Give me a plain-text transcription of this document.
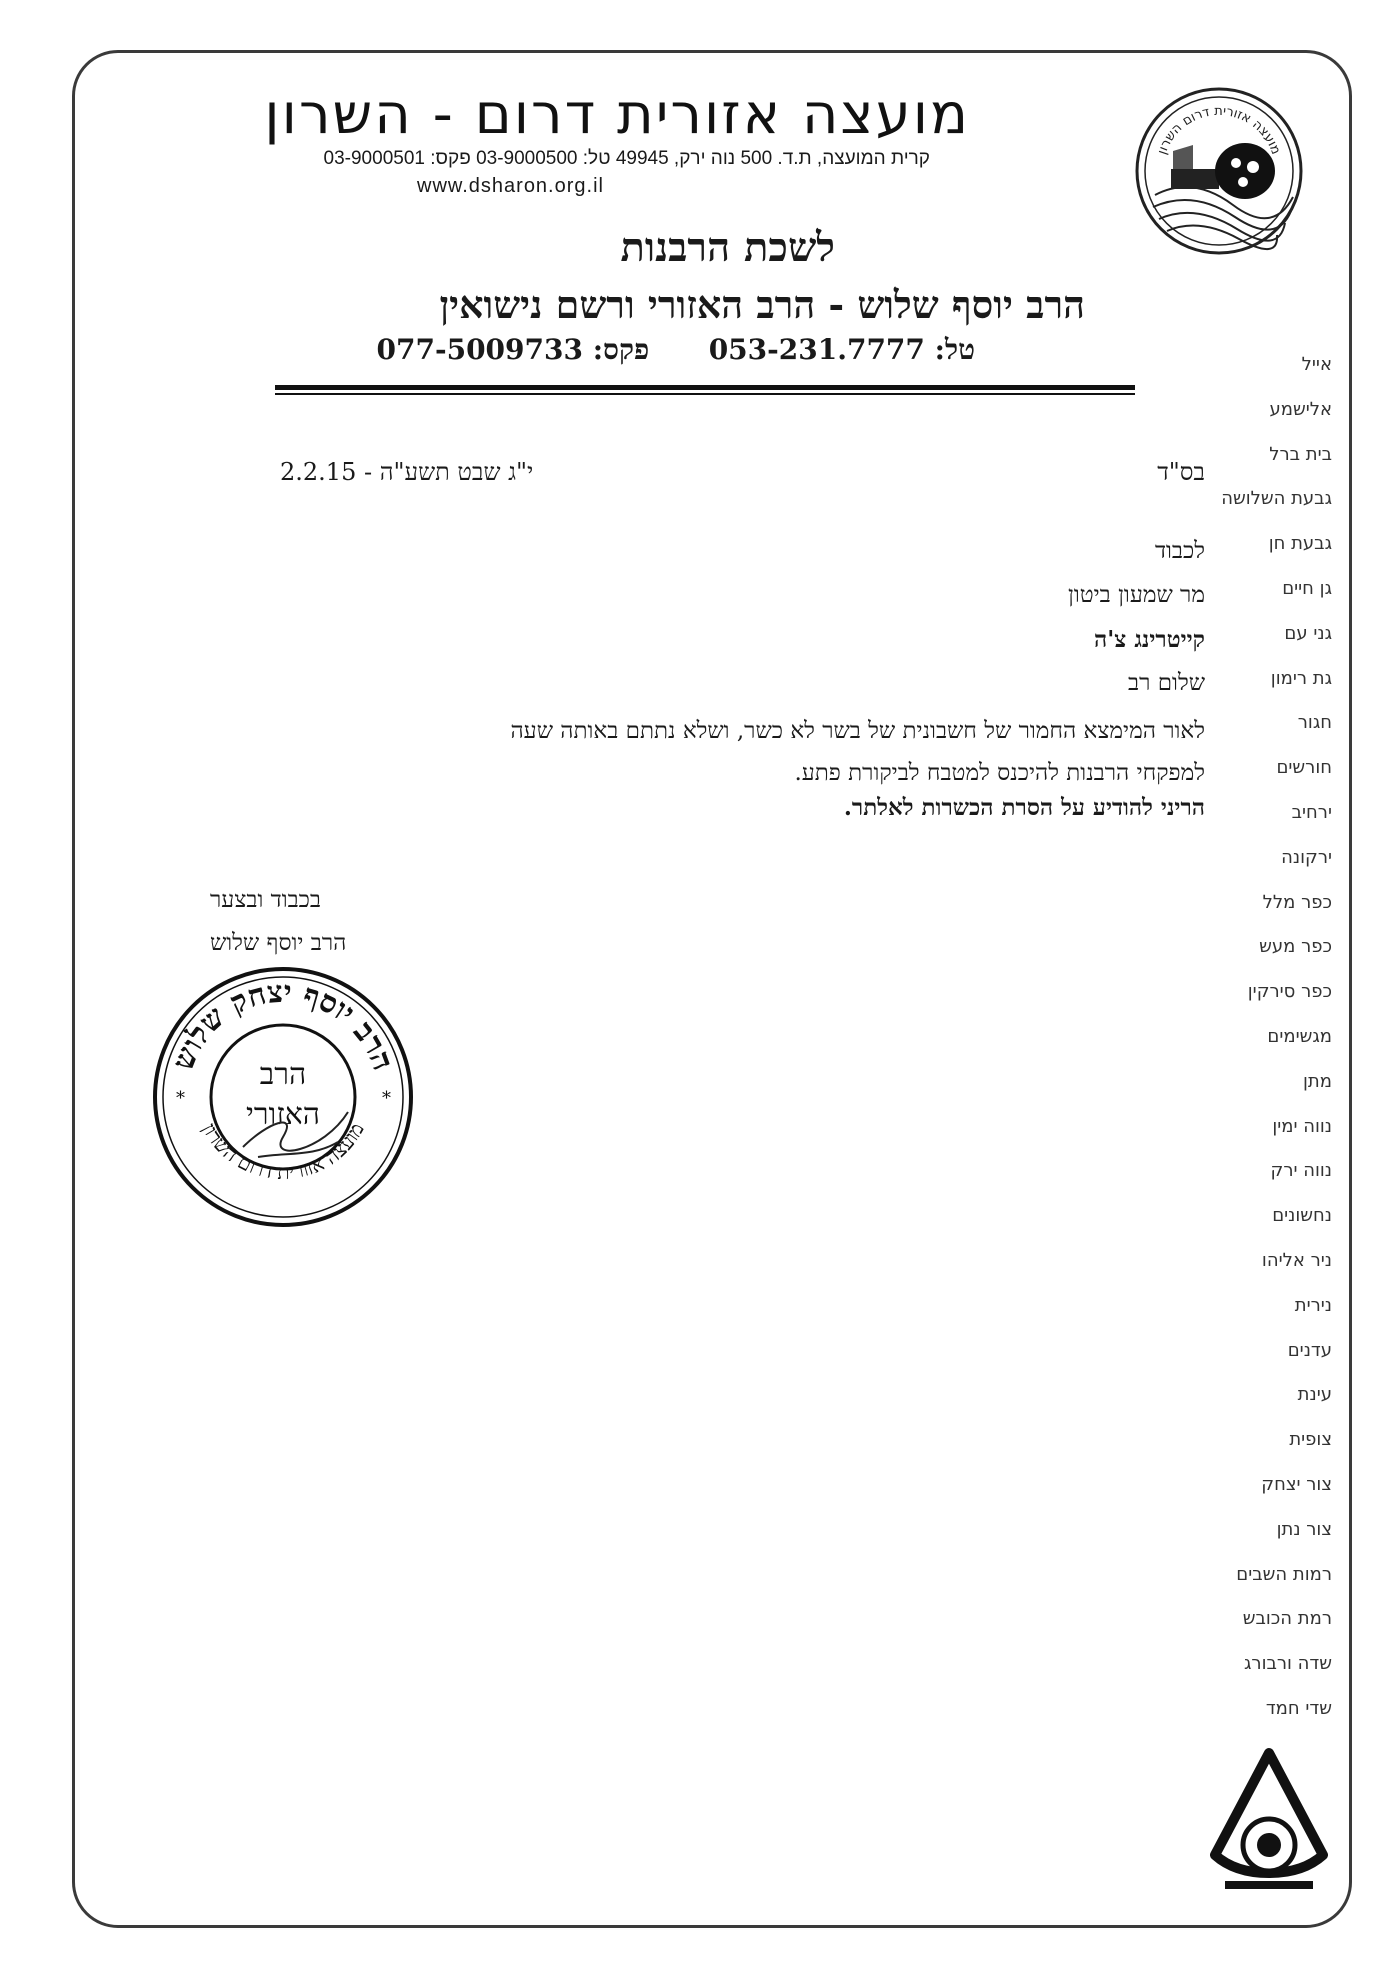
מועצה אזורית דרום - השרון
קרית המועצה, ת.ד. 500 נוה ירק, 49945 טל: 03-9000500 פקס: 03-9000501
www.dsharon.org.il
מועצה אזורית דרום השרון
לשכת הרבנות
הרב יוסף שלוש - הרב האזורי ורשם נישואין
טל: 053-231.7777  פקס: 077-5009733	אייל
אלישמע
בית ברל
גבעת השלושה
גבעת חן
גן חיים
גני עם
גת רימון
חגור
חורשים
ירחיב
ירקונה
כפר מלל
כפר מעש
כפר סירקין
מגשימים
מתן
נווה ימין
נווה ירק
נחשונים
ניר אליהו
נירית
עדנים
עינת
צופית
צור יצחק
צור נתן
רמות השבים
רמת הכובש
שדה ורבורג
שדי חמד
בס"ד
י"ג שבט תשע"ה - 2.2.15
לכבוד
מר שמעון ביטון
קייטרינג צ'ה
שלום רב
לאור המימצא החמור של חשבונית של בשר לא כשר, ושלא נתתם באותה שעה למפקחי הרבנות להיכנס למטבח לביקורת פתע.
הריני להודיע על הסרת הכשרות לאלתר.
בכבוד ובצער
הרב יוסף שלוש
הרב יוסף יצחק שלוש
מועצה אזורית דרום השרון
*	*
הרב
האזורי
